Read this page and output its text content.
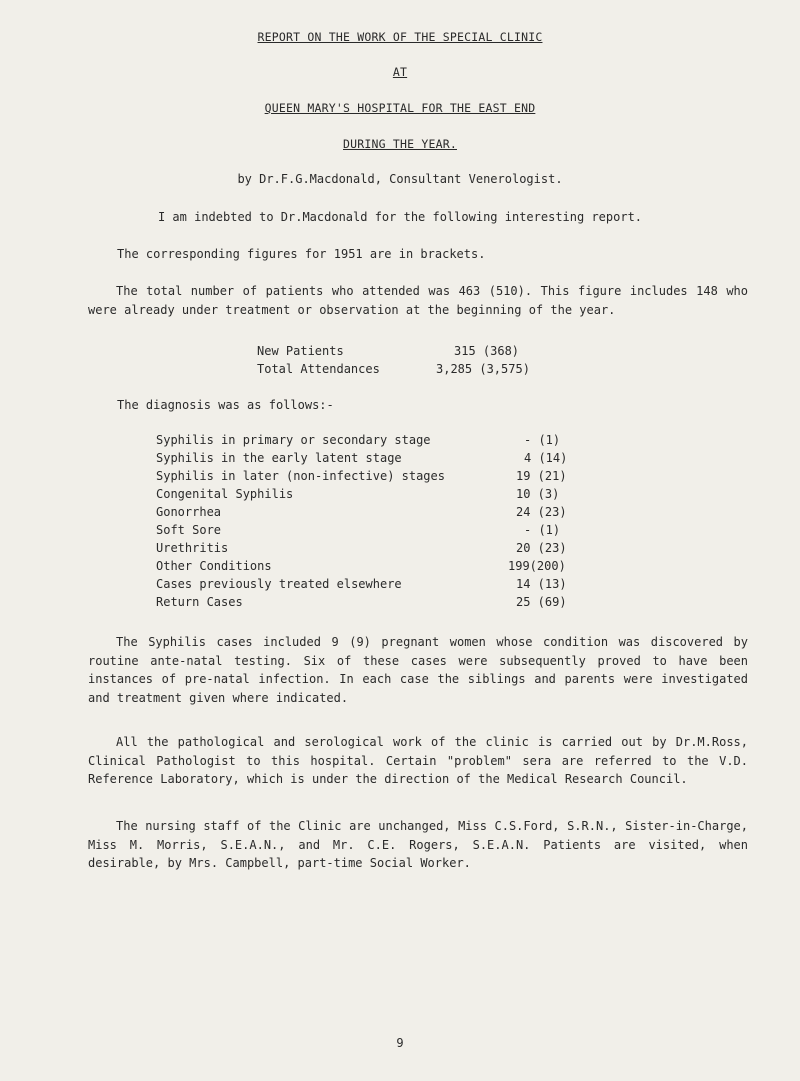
REPORT ON THE WORK OF THE SPECIAL CLINIC
AT
QUEEN MARY'S HOSPITAL FOR THE EAST END
DURING THE YEAR.
by Dr.F.G.Macdonald, Consultant Venerologist.
I am indebted to Dr.Macdonald for the following interesting report.
The corresponding figures for 1951 are in brackets.
The total number of patients who attended was 463 (510). This figure includes 148 who were already under treatment or observation at the beginning of the year.
New Patients	315 (368)
Total Attendances	3,285 (3,575)
The diagnosis was as follows:-
Syphilis in primary or secondary stage	- (1)
Syphilis in the early latent stage	4 (14)
Syphilis in later (non-infective) stages	19 (21)
Congenital Syphilis	10 (3)
Gonorrhea	24 (23)
Soft Sore	- (1)
Urethritis	20 (23)
Other Conditions	199(200)
Cases previously treated elsewhere	14 (13)
Return Cases	25 (69)
The Syphilis cases included 9 (9) pregnant women whose condition was discovered by routine ante-natal testing. Six of these cases were subsequently proved to have been instances of pre-natal infection. In each case the siblings and parents were investigated and treatment given where indicated.
All the pathological and serological work of the clinic is carried out by Dr.M.Ross, Clinical Pathologist to this hospital. Certain "problem" sera are referred to the V.D. Reference Laboratory, which is under the direction of the Medical Research Council.
The nursing staff of the Clinic are unchanged, Miss C.S.Ford, S.R.N., Sister-in-Charge, Miss M. Morris, S.E.A.N., and Mr. C.E. Rogers, S.E.A.N. Patients are visited, when desirable, by Mrs. Campbell, part-time Social Worker.
9
